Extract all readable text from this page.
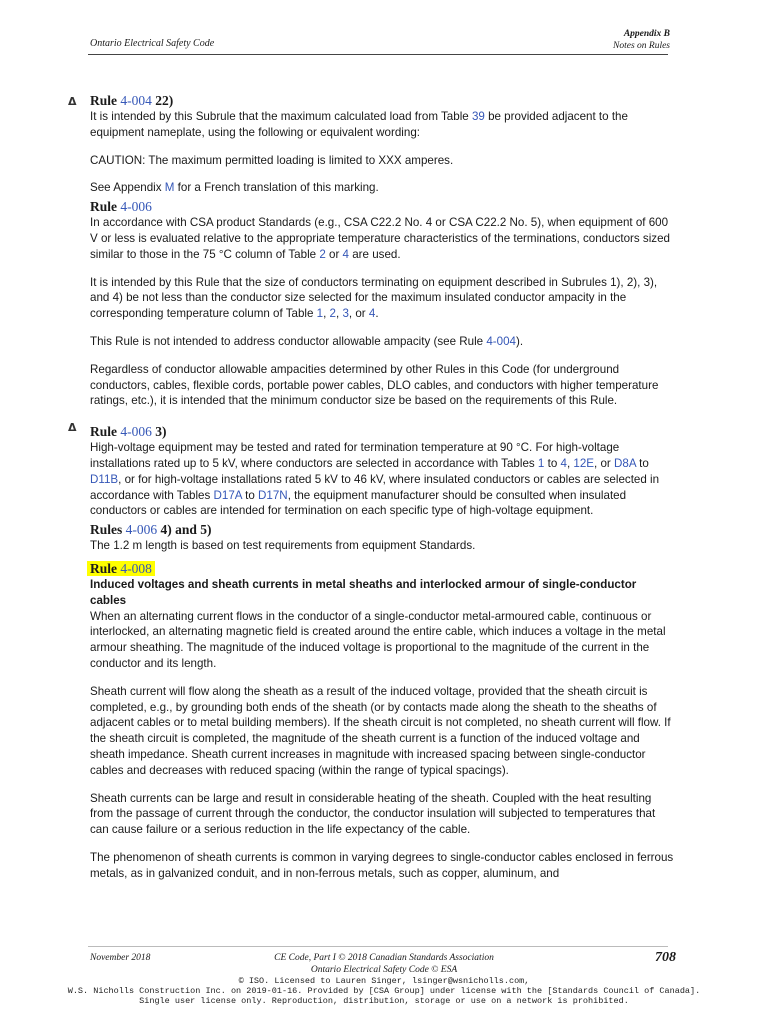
Ontario Electrical Safety Code
Appendix B
Notes on Rules
Δ Rule 4-004 22)

It is intended by this Subrule that the maximum calculated load from Table 39 be provided adjacent to the equipment nameplate, using the following or equivalent wording:

CAUTION: The maximum permitted loading is limited to XXX amperes.

See Appendix M for a French translation of this marking.

Rule 4-006

In accordance with CSA product Standards (e.g., CSA C22.2 No. 4 or CSA C22.2 No. 5), when equipment of 600 V or less is evaluated relative to the appropriate temperature characteristics of the terminations, conductors sized similar to those in the 75 °C column of Table 2 or 4 are used.

It is intended by this Rule that the size of conductors terminating on equipment described in Subrules 1), 2), 3), and 4) be not less than the conductor size selected for the maximum insulated conductor ampacity in the corresponding temperature column of Table 1, 2, 3, or 4.

This Rule is not intended to address conductor allowable ampacity (see Rule 4-004).

Regardless of conductor allowable ampacities determined by other Rules in this Code (for underground conductors, cables, flexible cords, portable power cables, DLO cables, and conductors with higher temperature ratings, etc.), it is intended that the minimum conductor size be based on the requirements of this Rule.

Δ Rule 4-006 3)

High-voltage equipment may be tested and rated for termination temperature at 90 °C. For high-voltage installations rated up to 5 kV, where conductors are selected in accordance with Tables 1 to 4, 12E, or D8A to D11B, or for high-voltage installations rated 5 kV to 46 kV, where insulated conductors or cables are selected in accordance with Tables D17A to D17N, the equipment manufacturer should be consulted when insulated conductors or cables are intended for termination on each specific type of high-voltage equipment.

Rules 4-006 4) and 5)

The 1.2 m length is based on test requirements from equipment Standards.

Rule 4-008
Induced voltages and sheath currents in metal sheaths and interlocked armour of single-conductor cables

When an alternating current flows in the conductor of a single-conductor metal-armoured cable, continuous or interlocked, an alternating magnetic field is created around the entire cable, which induces a voltage in the metal armour sheathing. The magnitude of the induced voltage is proportional to the magnitude of the current in the conductor and its length.

Sheath current will flow along the sheath as a result of the induced voltage, provided that the sheath circuit is completed, e.g., by grounding both ends of the sheath (or by contacts made along the sheath to the sheaths of adjacent cables or to metal building members). If the sheath circuit is not completed, no sheath current will flow. If the sheath circuit is completed, the magnitude of the sheath current is a function of the induced voltage and sheath impedance. Sheath current increases in magnitude with increased spacing between single-conductor cables and decreases with reduced spacing (within the range of typical spacings).

Sheath currents can be large and result in considerable heating of the sheath. Coupled with the heat resulting from the passage of current through the conductor, the conductor insulation will subjected to temperatures that can cause failure or a serious reduction in the life expectancy of the cable.

The phenomenon of sheath currents is common in varying degrees to single-conductor cables enclosed in ferrous metals, as in galvanized conduit, and in non-ferrous metals, such as copper, aluminum, and

November 2018	CE Code, Part I © 2018 Canadian Standards Association
Ontario Electrical Safety Code © ESA
708
© ISO. Licensed to Lauren Singer, lsinger@wsnicholls.com,
W.S. Nicholls Construction Inc. on 2019-01-16. Provided by [CSA Group] under license with the [Standards Council of Canada].
Single user license only. Reproduction, distribution, storage or use on a network is prohibited.
